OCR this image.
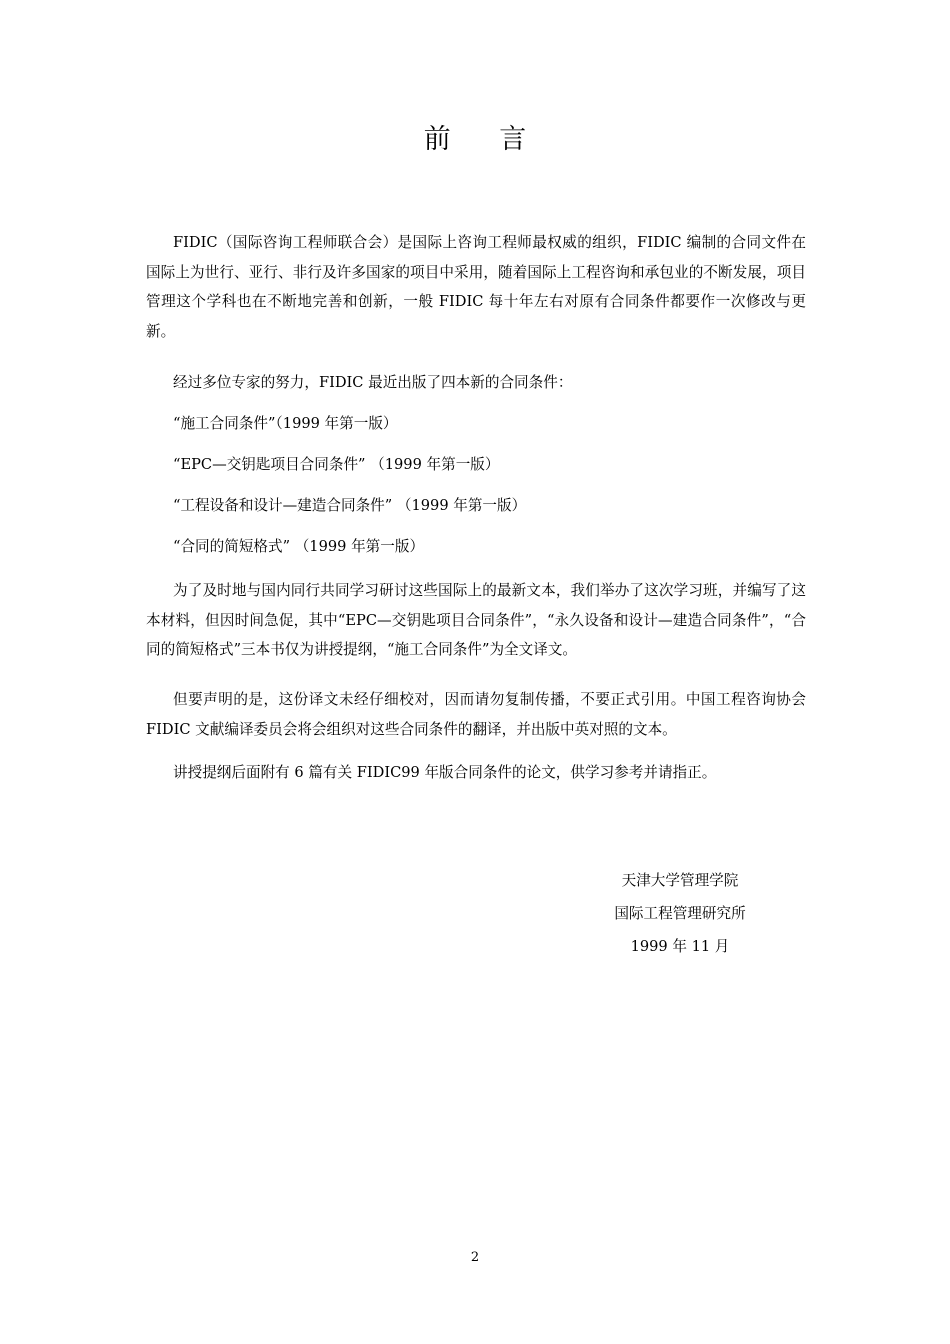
前 言

FIDIC（国际咨询工程师联合会）是国际上咨询工程师最权威的组织，FIDIC 编制的合同文件在国际上为世行、亚行、非行及许多国家的项目中采用，随着国际上工程咨询和承包业的不断发展，项目管理这个学科也在不断地完善和创新，一般 FIDIC 每十年左右对原有合同条件都要作一次修改与更新。

经过多位专家的努力，FIDIC 最近出版了四本新的合同条件：

“施工合同条件”（1999 年第一版）

“EPC—交钥匙项目合同条件” （1999 年第一版）

“工程设备和设计—建造合同条件” （1999 年第一版）

“合同的简短格式” （1999 年第一版）

为了及时地与国内同行共同学习研讨这些国际上的最新文本，我们举办了这次学习班，并编写了这本材料，但因时间急促，其中“EPC—交钥匙项目合同条件”，“永久设备和设计—建造合同条件”，“合同的简短格式”三本书仅为讲授提纲，“施工合同条件”为全文译文。

但要声明的是，这份译文未经仔细校对，因而请勿复制传播，不要正式引用。中国工程咨询协会 FIDIC 文献编译委员会将会组织对这些合同条件的翻译，并出版中英对照的文本。

讲授提纲后面附有 6 篇有关 FIDIC99 年版合同条件的论文，供学习参考并请指正。

天津大学管理学院
国际工程管理研究所
1999 年 11 月
2
